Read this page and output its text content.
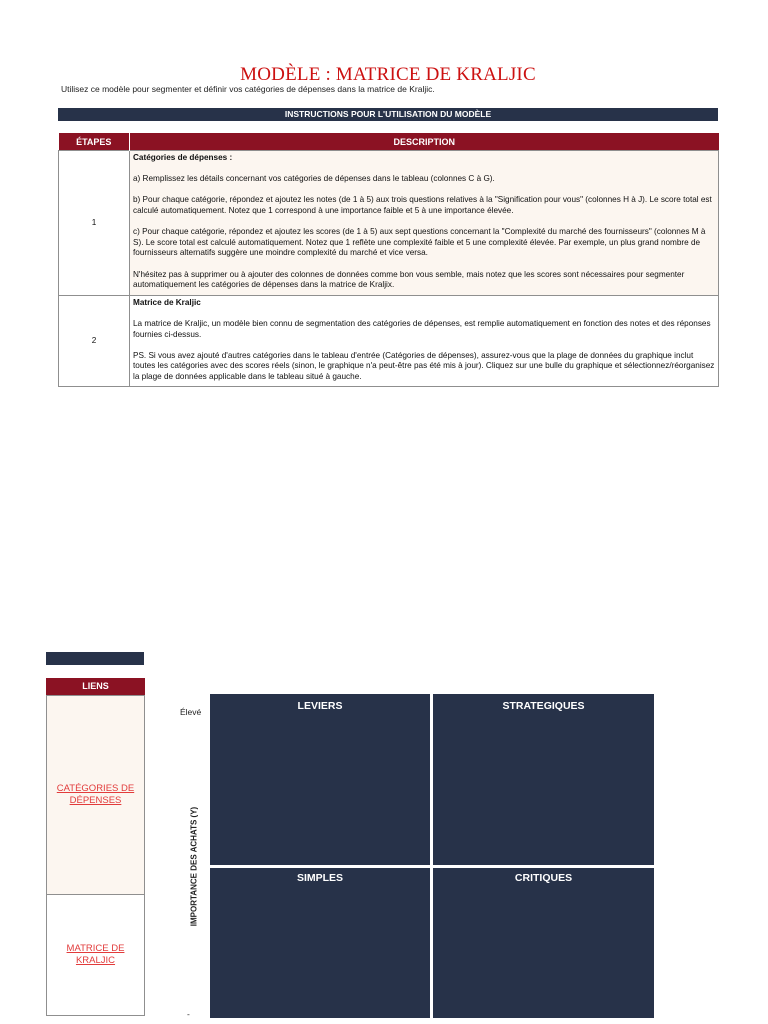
MODÈLE : MATRICE DE KRALJIC
Utilisez ce modèle pour segmenter et définir vos catégories de dépenses dans la matrice de Kraljic.
INSTRUCTIONS POUR L'UTILISATION DU MODÈLE
ÉTAPES	DESCRIPTION
1	Catégories de dépenses :

a) Remplissez les détails concernant vos catégories de dépenses dans le tableau (colonnes C à G).

b) Pour chaque catégorie, répondez et ajoutez les notes (de 1 à 5) aux trois questions relatives à la "Signification pour vous" (colonnes H à J). Le score total est calculé automatiquement. Notez que 1 correspond à une importance faible et 5 à une importance élevée.

c) Pour chaque catégorie, répondez et ajoutez les scores (de 1 à 5) aux sept questions concernant la "Complexité du marché des fournisseurs" (colonnes M à S). Le score total est calculé automatiquement. Notez que 1 reflète une complexité faible et 5 une complexité élevée. Par exemple, un plus grand nombre de fournisseurs alternatifs suggère une moindre complexité du marché et vice versa.

N'hésitez pas à supprimer ou à ajouter des colonnes de données comme bon vous semble, mais notez que les scores sont nécessaires pour segmenter automatiquement les catégories de dépenses dans la matrice de Kraljix.

2	Matrice de Kraljic

La matrice de Kraljic, un modèle bien connu de segmentation des catégories de dépenses, est remplie automatiquement en fonction des notes et des réponses fournies ci-dessus.

PS. Si vous avez ajouté d'autres catégories dans le tableau d'entrée (Catégories de dépenses), assurez-vous que la plage de données du graphique inclut toutes les catégories avec des scores réels (sinon, le graphique n'a peut-être pas été mis à jour). Cliquez sur une bulle du graphique et sélectionnez/réorganisez la plage de données applicable dans le tableau situé à gauche.

LIENS
CATÉGORIES DE DÉPENSES
MATRICE DE KRALJIC
Élevé
IMPORTANCE DES ACHATS (Y)
-
LEVIERS	STRATEGIQUES
SIMPLES	CRITIQUES
